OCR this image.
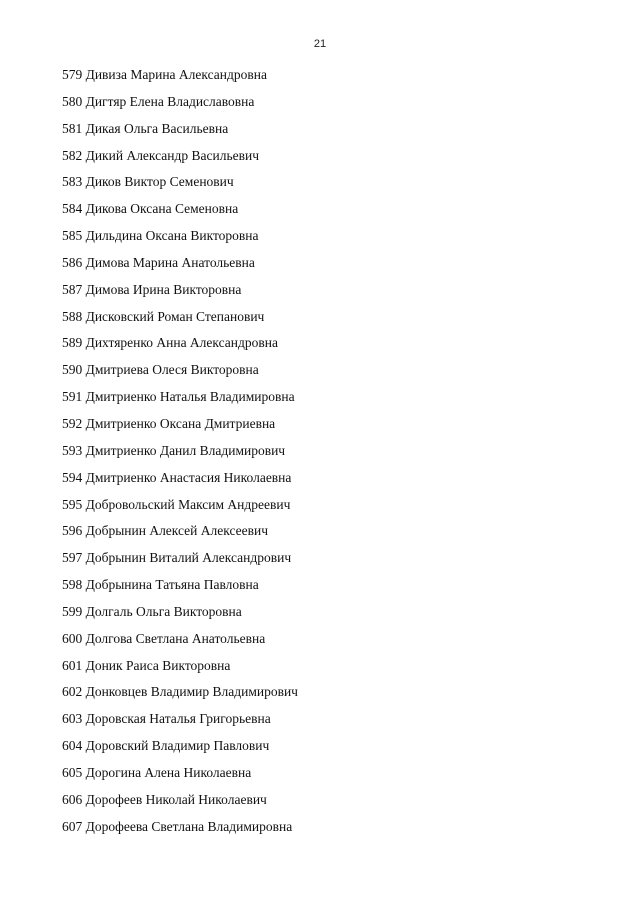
21
579 Дивиза Марина Александровна
580 Дигтяр Елена Владиславовна
581 Дикая Ольга Васильевна
582 Дикий Александр Васильевич
583 Диков Виктор Семенович
584 Дикова Оксана Семеновна
585 Дильдина Оксана Викторовна
586 Димова Марина Анатольевна
587 Димова Ирина Викторовна
588 Дисковский Роман Степанович
589 Дихтяренко Анна Александровна
590 Дмитриева Олеся Викторовна
591 Дмитриенко Наталья Владимировна
592 Дмитриенко Оксана Дмитриевна
593 Дмитриенко Данил Владимирович
594 Дмитриенко Анастасия Николаевна
595 Добровольский Максим Андреевич
596 Добрынин Алексей Алексеевич
597 Добрынин Виталий Александрович
598 Добрынина Татьяна Павловна
599 Долгаль Ольга Викторовна
600 Долгова Светлана Анатольевна
601 Доник Раиса Викторовна
602 Донковцев Владимир Владимирович
603 Доровская Наталья Григорьевна
604 Доровский Владимир Павлович
605 Дорогина Алена Николаевна
606 Дорофеев Николай Николаевич
607 Дорофеева Светлана Владимировна
